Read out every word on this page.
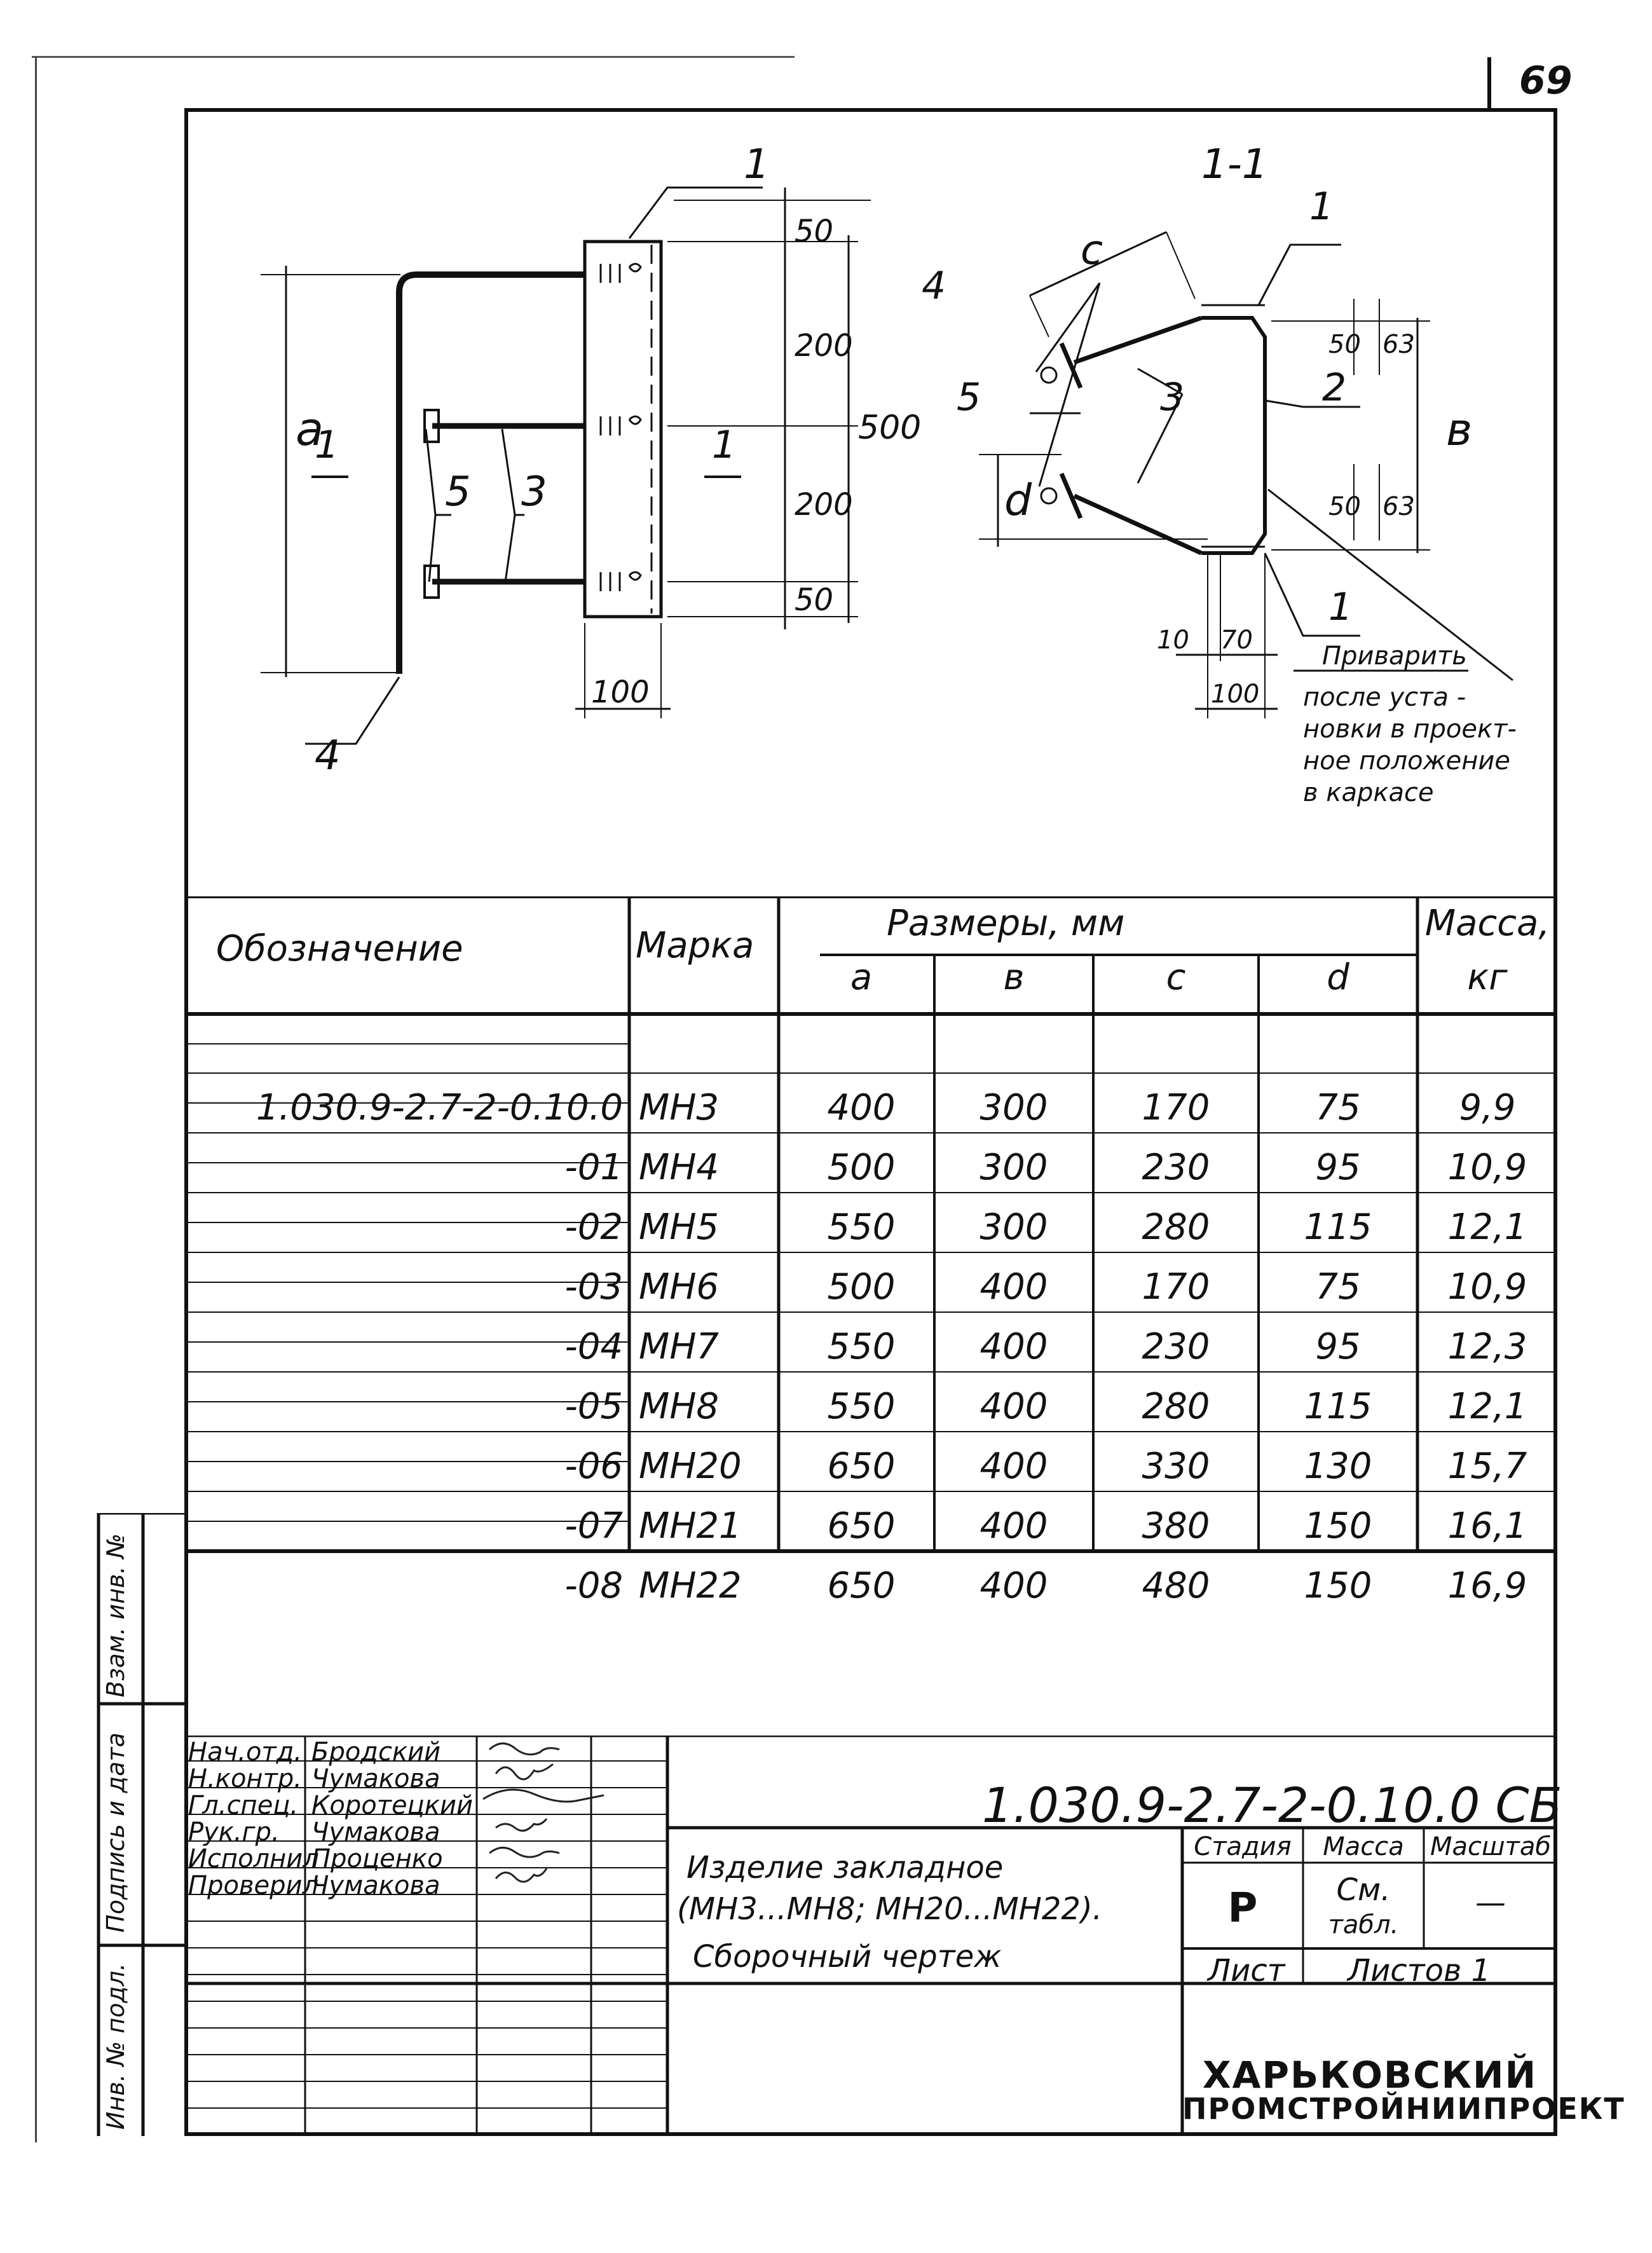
69
1
a
1	1
5 3
4
100
50
200
200
50
500
1-1
1
c
4
5	3	2
1
в
d
50 63
50 63
10 70
100
Приварить
после уста -
новки в проект-
ное положение
в каркасе
Обозначение	Марка
Размеры, мм
a	в	c	d
Масса,
кг
1.030.9-2.7-2-0.10.0 МН3	400	300	170	75	9,9
-01 МН4	500	300	230	95	10,9
-02 МН5	550	300	280	115	12,1
-03 МН6	500	400	170	75	10,9
-04 МН7	550	400	230	95	12,3
-05 МН8	550	400	280	115	12,1
-06 МН20	650	400	330	130	15,7
-07 МН21	650	400	380	150	16,1
-08 МН22	650	400	480	150	16,9
Взам. инв. №
Подпись и дата
Инв. № подл.
Нач.отд. Бродский
Н.контр. Чумакова
Гл.спец. Коротецкий
Рук.гр. Чумакова
Исполнил
Проценко
Проверил
Чумакова
1.030.9-2.7-2-0.10.0 СБ
Изделие закладное
(МН3...МН8; МН20...МН22).
Сборочный чертеж
Стадия	Масса	Масштаб
Р	См.
табл.
—
Лист Листов 1
ХАРЬКОВСКИЙ
ПРОМСТРОЙНИИПРОЕКТ
